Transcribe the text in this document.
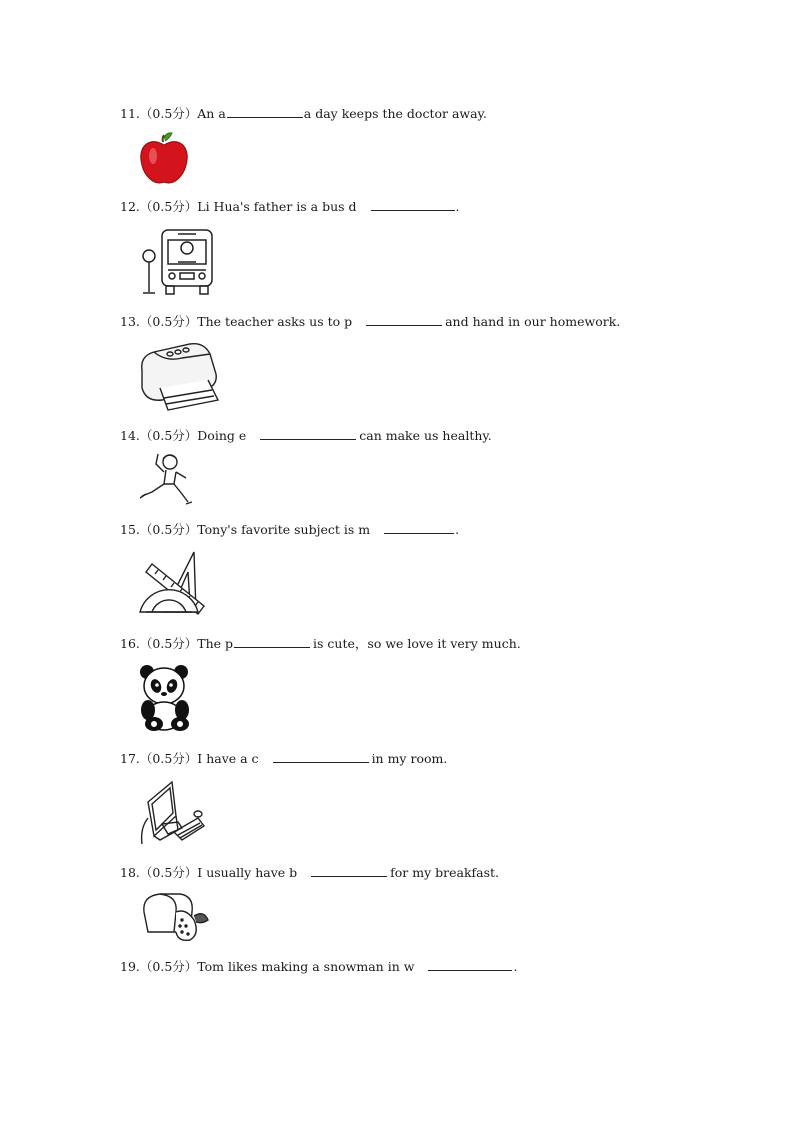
11.（0.5分）An a	a day keeps the doctor away.
12.（0.5分）Li Hua's father is a bus d	.
13.（0.5分）The teacher asks us to p	and hand in our homework.
14.（0.5分）Doing e	can make us healthy.
15.（0.5分）Tony's favorite subject is m	.
16.（0.5分）The p	is cute，so we love it very much.
17.（0.5分）I have a c	in my room.
18.（0.5分）I usually have b	for my breakfast.
19.（0.5分）Tom likes making a snowman in w	.
